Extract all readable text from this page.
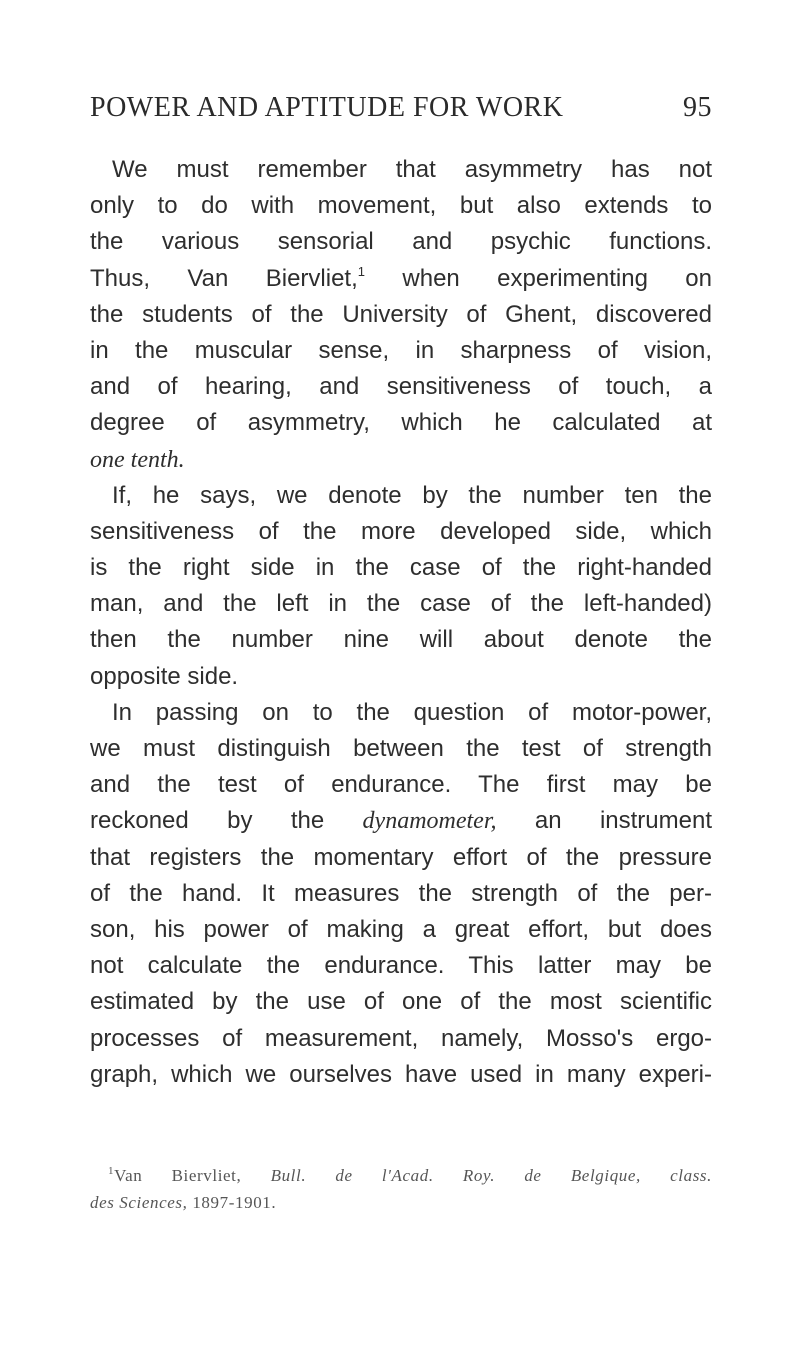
POWER AND APTITUDE FOR WORK	95
We must remember that asymmetry has not
only to do with movement, but also extends to
the various sensorial and psychic functions.
Thus, Van Biervliet,$^1$ when experimenting on
the students of the University of Ghent, discovered
in the muscular sense, in sharpness of vision,
and of hearing, and sensitiveness of touch, a
degree of asymmetry, which he calculated at
one tenth.
If, he says, we denote by the number ten the
sensitiveness of the more developed side, which
is the right side in the case of the right-handed
man, and the left in the case of the left-handed)
then the number nine will about denote the
opposite side.
In passing on to the question of motor-power,
we must distinguish between the test of strength
and the test of endurance. The first may be
reckoned by the dynamometer, an instrument
that registers the momentary effort of the pressure
of the hand. It measures the strength of the per-
son, his power of making a great effort, but does
not calculate the endurance. This latter may be
estimated by the use of one of the most scientific
processes of measurement, namely, Mosso's ergo-
graph, which we ourselves have used in many experi-
$^1$Van Biervliet, Bull. de l'Acad. Roy. de Belgique, class.
des Sciences, 1897-1901.
